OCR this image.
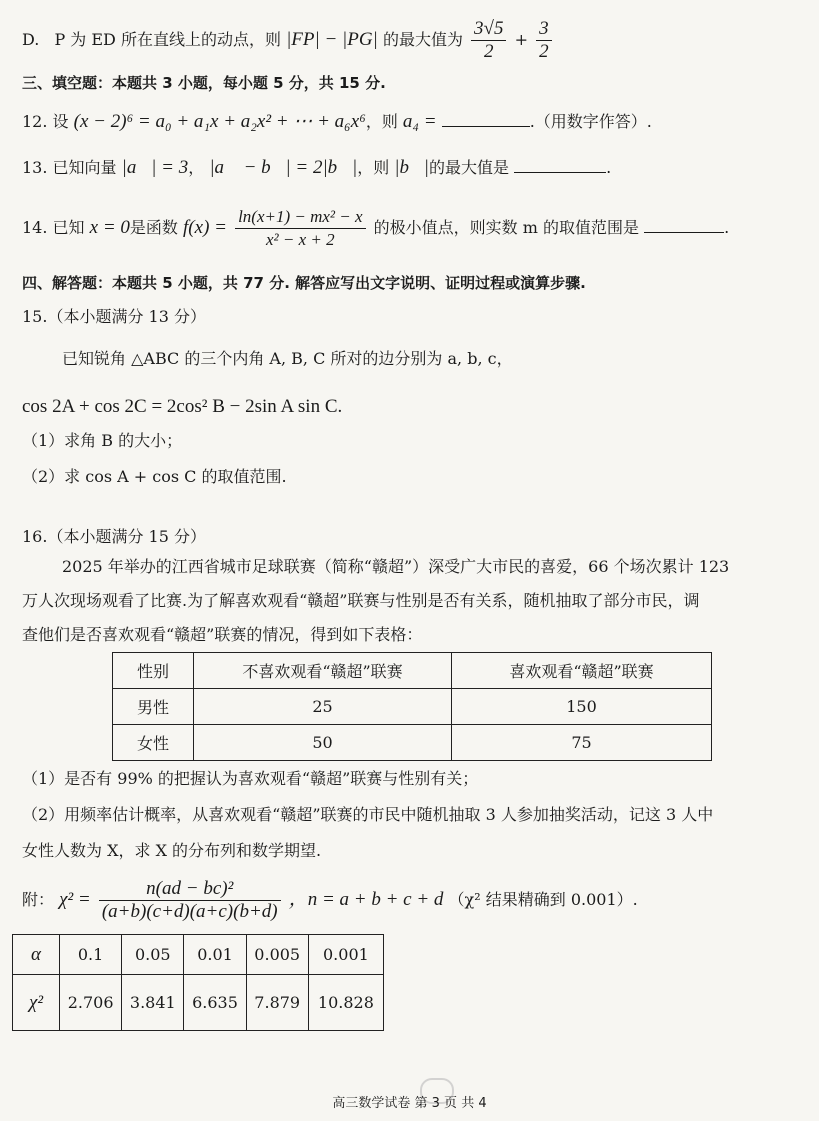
D. P 为 ED 所在直线上的动点，则 |FP| − |PG| 的最大值为 $\frac{3√5}{2} + \frac{3}{2}$
三、填空题：本题共 3 小题，每小题 5 分，共 15 分.
12. 设 (x − 2)⁶ = a₀ + a₁x + a₂x² + ⋯ + a₆x⁶，则 a₄ =	.（用数字作答）.
13. 已知向量 |a⃗| = 3， |a⃗ − b⃗| = 2|b⃗|，则 |b⃗|的最大值是	.
14. 已知 x = 0是函数 $f(x) = \frac{\text{ln(x+1) − mx² − x}}{\text{x² − x + 2}}$ 的极小值点，则实数 m 的取值范围是	.
四、解答题：本题共 5 小题，共 77 分. 解答应写出文字说明、证明过程或演算步骤.
15.（本小题满分 13 分）
已知锐角 △ABC 的三个内角 A, B, C 所对的边分别为 a, b, c，
cos 2A + cos 2C = 2cos² B − 2sin A sin C.
（1）求角 B 的大小；
（2）求 cos A + cos C 的取值范围.
16.（本小题满分 15 分）
2025 年举办的江西省城市足球联赛（简称“赣超”）深受广大市民的喜爱，66 个场次累计 123
万人次现场观看了比赛.为了解喜欢观看“赣超”联赛与性别是否有关系，随机抽取了部分市民，调
查他们是否喜欢观看“赣超”联赛的情况，得到如下表格：
性别	不喜欢观看“赣超”联赛	喜欢观看“赣超”联赛
男性	25	150
女性	50	75
（1）是否有 99% 的把握认为喜欢观看“赣超”联赛与性别有关；
（2）用频率估计概率，从喜欢观看“赣超”联赛的市民中随机抽取 3 人参加抽奖活动，记这 3 人中
女性人数为 X，求 X 的分布列和数学期望.
附： $\chi^2 = \frac{\text{n(ad − bc)²}}{(a+b)(c+d)(a+c)(b+d)}$ ，n = a + b + c + d （χ² 结果精确到 0.001）.
α	0.1	0.05	0.01	0.005	0.001
χ²	2.706	3.841	6.635	7.879	10.828
高三数学试卷 第 3 页 共 4
